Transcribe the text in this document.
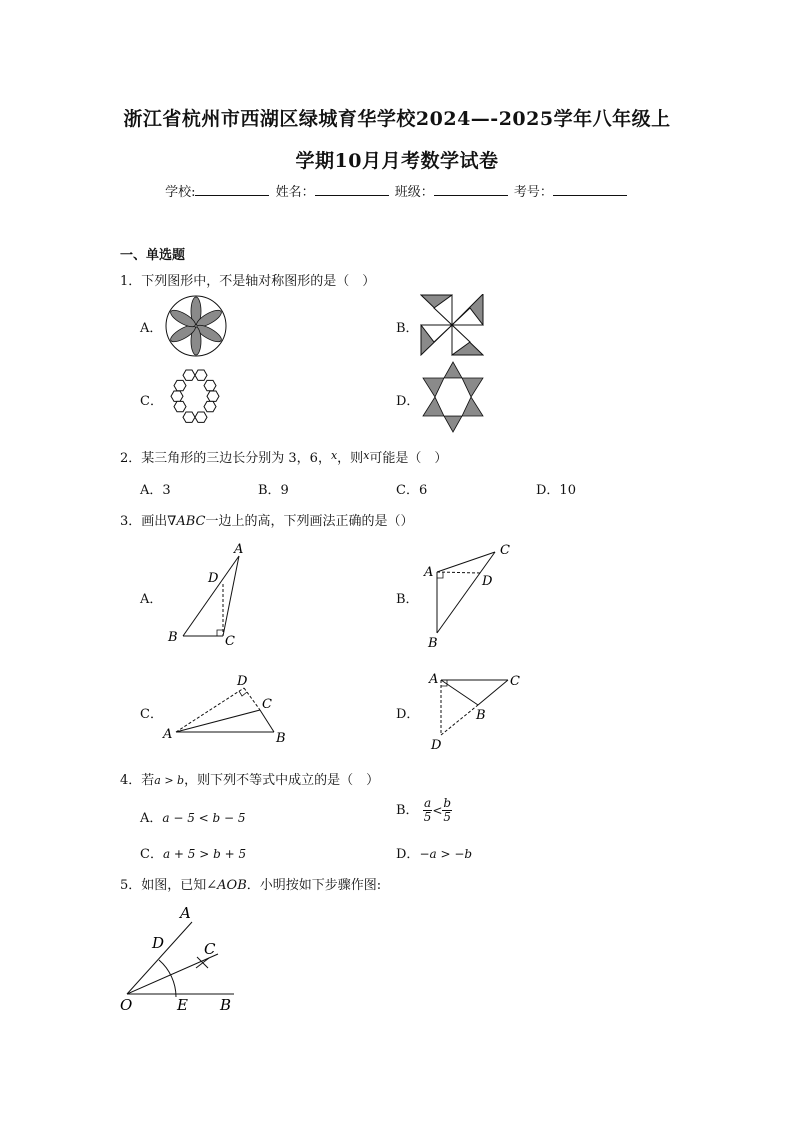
浙江省杭州市西湖区绿城育华学校2024—-2025学年八年级上
学期10月月考数学试卷
学校:	姓名：	班级：	考号：
一、单选题
1．下列图形中，不是轴对称图形的是（　）
A．	B．
C．	D．
2．某三角形的三边长分别为 3，6，$^x$，则$^x$可能是（　）
A．3	B．9	C．6	D．10
3．画出∇ABC一边上的高，下列画法正确的是（）
A．	B．
C．	D．
A
D
B	C
A
C
D
B
D
C
A	B
A	C
B
D
4．若a > b，则下列不等式中成立的是（　）
A．a − 5 < b − 5	B． $\frac{a}{5} < \frac{b}{5}$
C．a + 5 > b + 5	D．−a > −b
5．如图，已知∠AOB．小明按如下步骤作图:
A
D	C
O	E B
